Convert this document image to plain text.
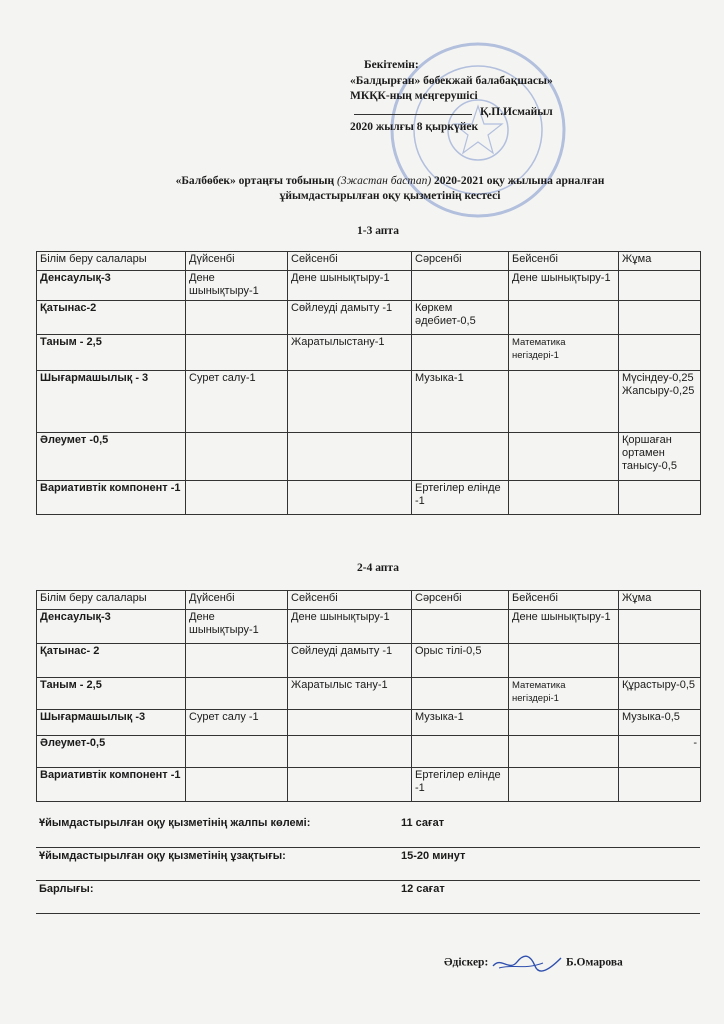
Бекітемін:
«Балдырған» бөбекжай балабақшасы»
МКҚК-ның меңгерушісі
Қ.П.Исмайыл
2020 жылғы 8 қыркүйек
«Балбөбек» ортаңғы тобының (3жастан бастап) 2020-2021 оқу жылына арналған
ұйымдастырылған оқу қызметінің кестесі
1-3 апта
Білім беру салалары	Дүйсенбі	Сейсенбі	Сәрсенбі	Бейсенбі	Жұма
Денсаулық-3	Дене шынықтыру-1	Дене шынықтыру-1		Дене шынықтыру-1	
Қатынас-2		Сөйлеуді дамыту -1	Көркем әдебиет-0,5		
Таным - 2,5		Жаратылыстану-1		Математика негіздері-1	
Шығармашылық - 3	Сурет салу-1		Музыка-1		Мүсіндеу-0,25 Жапсыру-0,25
Әлеумет -0,5					Қоршаған ортамен танысу-0,5
Вариативтік компонент -1			Ертегілер елінде -1		
2-4 апта
Білім беру салалары	Дүйсенбі	Сейсенбі	Сәрсенбі	Бейсенбі	Жұма
Денсаулық-3	Дене шынықтыру-1	Дене шынықтыру-1		Дене шынықтыру-1	
Қатынас- 2		Сөйлеуді дамыту -1	Орыс тілі-0,5		
Таным - 2,5		Жаратылыс тану-1		Математика негіздері-1	Құрастыру-0,5
Шығармашылық -3	Сурет салу -1		Музыка-1		Музыка-0,5
Әлеумет-0,5					-
Вариативтік компонент -1			Ертегілер елінде -1		
Ұйымдастырылған оқу қызметінің жалпы көлемі:	11 сағат
Ұйымдастырылған оқу қызметінің ұзақтығы:	15-20 минут
Барлығы:	12 сағат
Әдіскер:	Б.Омарова
